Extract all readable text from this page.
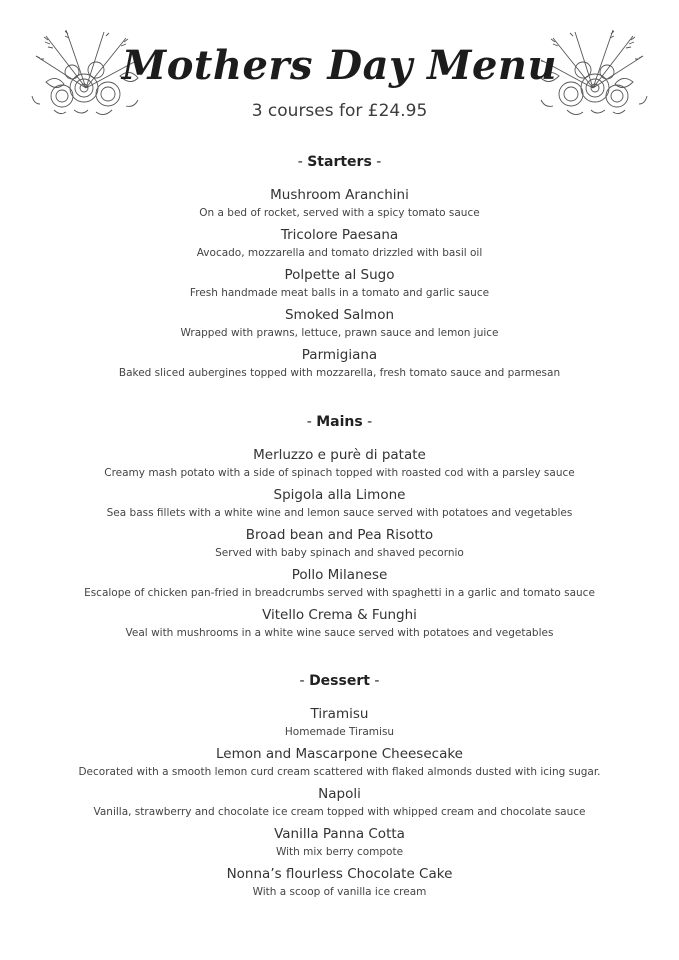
Mothers Day Menu
3 courses for £24.95
- Starters -
Mushroom Aranchini
On a bed of rocket, served with a spicy tomato sauce
Tricolore Paesana
Avocado, mozzarella and tomato drizzled with basil oil
Polpette al Sugo
Fresh handmade meat balls in a tomato and garlic sauce
Smoked Salmon
Wrapped with prawns, lettuce, prawn sauce and lemon juice
Parmigiana
Baked sliced aubergines topped with mozzarella, fresh tomato sauce and parmesan
- Mains -
Merluzzo e purè di patate
Creamy mash potato with a side of spinach topped with roasted cod with a parsley sauce
Spigola alla Limone
Sea bass fillets with a white wine and lemon sauce served with potatoes and vegetables
Broad bean and Pea Risotto
Served with baby spinach and shaved pecornio
Pollo Milanese
Escalope of chicken pan-fried in breadcrumbs served with spaghetti in a garlic and tomato sauce
Vitello Crema & Funghi
Veal with mushrooms in a white wine sauce served with potatoes and vegetables
- Dessert -
Tiramisu
Homemade Tiramisu
Lemon and Mascarpone Cheesecake
Decorated with a smooth lemon curd cream scattered with flaked almonds dusted with icing sugar.
Napoli
Vanilla, strawberry and chocolate ice cream topped with whipped cream and chocolate sauce
Vanilla Panna Cotta
With mix berry compote
Nonna’s flourless Chocolate Cake
With a scoop of vanilla ice cream
